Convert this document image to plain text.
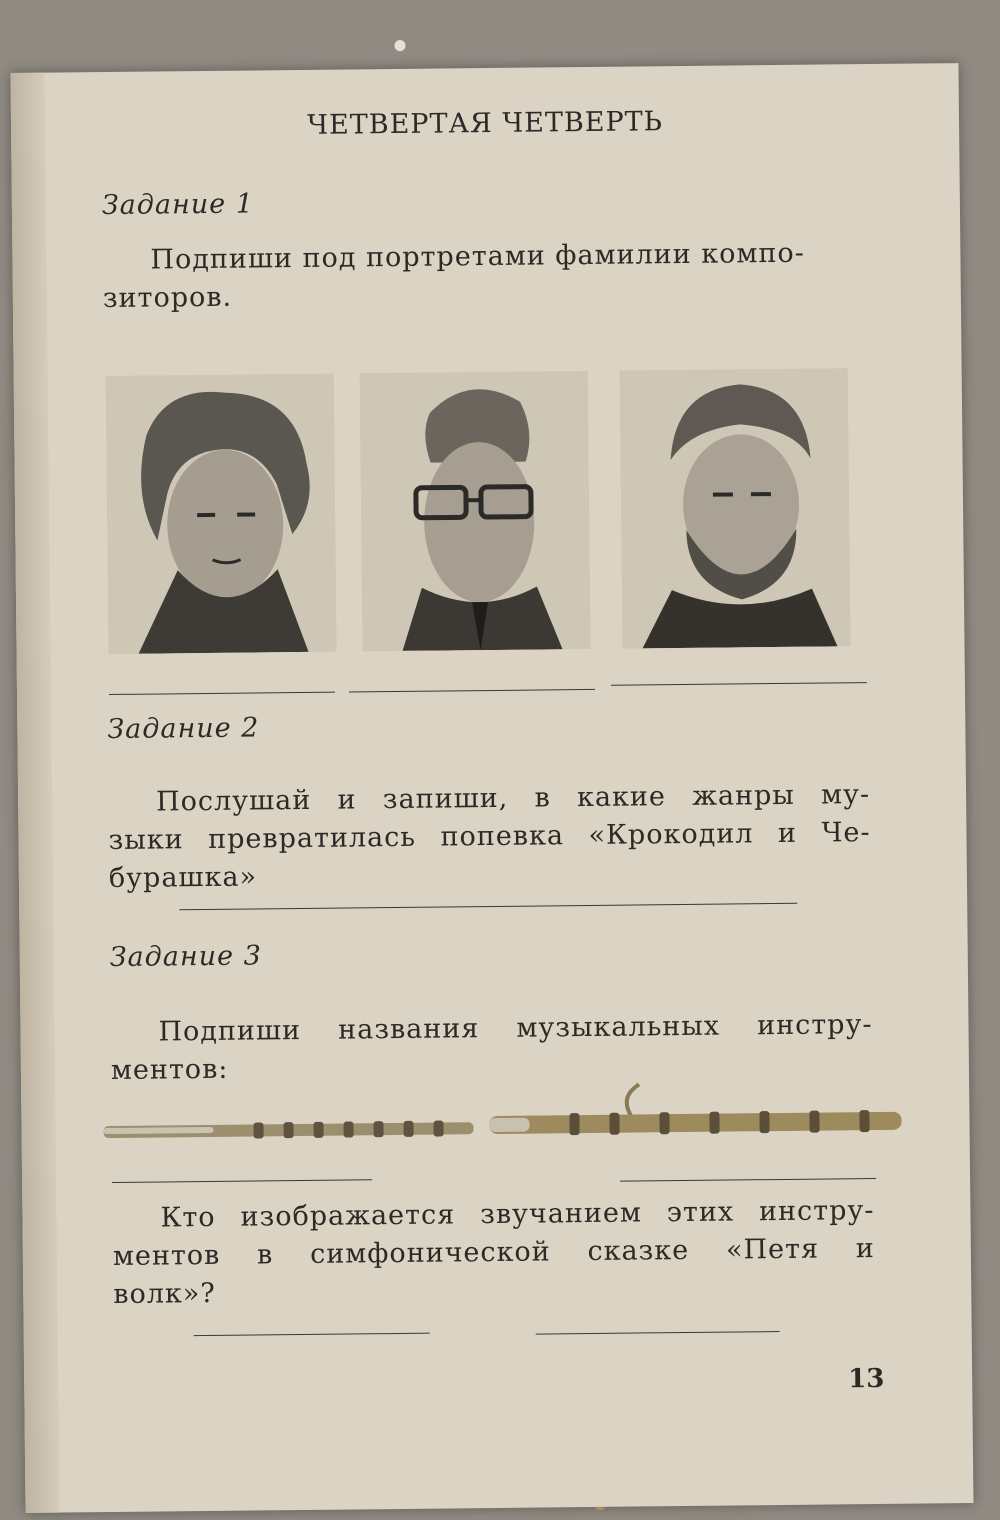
ЧЕТВЕРТАЯ ЧЕТВЕРТЬ
Задание 1
Подпиши под портретами фамилии компо-
зиторов.
Задание 2
Послушай и запиши, в какие жанры му-
зыки превратилась попевка «Крокодил и Че-
бурашка»
Задание 3
Подпиши названия музыкальных инстру-
ментов:
Кто изображается звучанием этих инстру-
ментов в симфонической сказке «Петя и
волк»?
13
